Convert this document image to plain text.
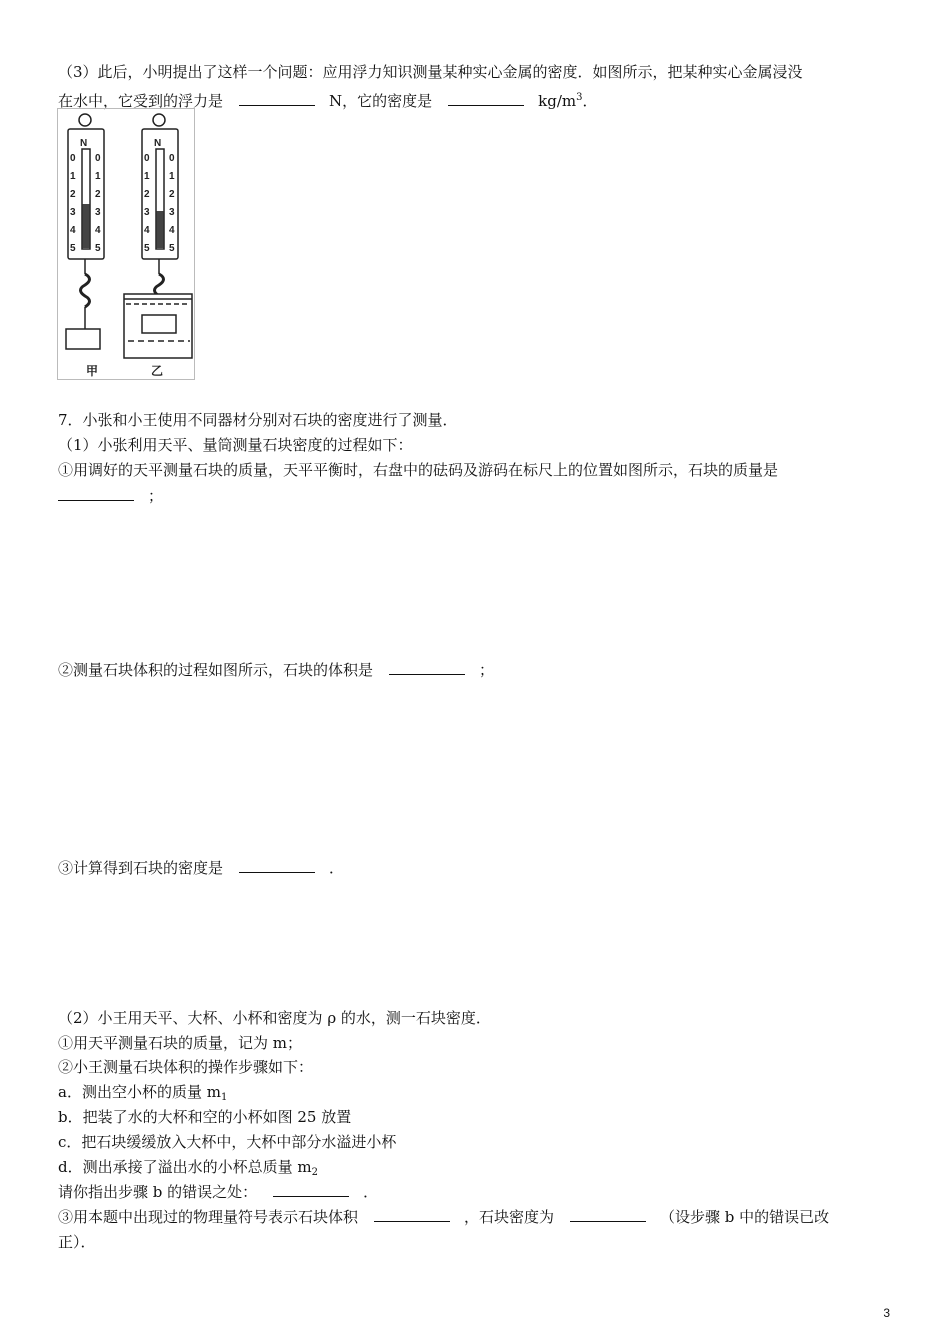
（3）此后，小明提出了这样一个问题：应用浮力知识测量某种实心金属的密度．如图所示，把某种实心金属浸没
在水中，它受到的浮力是	N，它的密度是	$kg/m^3$．
N
0
1
2
3
4
5
0
1
2
3
4
5
N
0
1
2
3
4
5
0
1
2
3
4
5
甲	乙
7．小张和小王使用不同器材分别对石块的密度进行了测量．
（1）小张利用天平、量筒测量石块密度的过程如下：
①用调好的天平测量石块的质量，天平平衡时，右盘中的砝码及游码在标尺上的位置如图所示，石块的质量是
；
②测量石块体积的过程如图所示，石块的体积是	；
③计算得到石块的密度是	．
（2）小王用天平、大杯、小杯和密度为 ρ 的水，测一石块密度．
①用天平测量石块的质量，记为 m；
②小王测量石块体积的操作步骤如下：
a．测出空小杯的质量 $m_1$
b．把装了水的大杯和空的小杯如图 25 放置
c．把石块缓缓放入大杯中，大杯中部分水溢进小杯
d．测出承接了溢出水的小杯总质量 $m_2$
请你指出步骤 b 的错误之处：	．
③用本题中出现过的物理量符号表示石块体积	，石块密度为	（设步骤 b 中的错误已改
正）．
3
